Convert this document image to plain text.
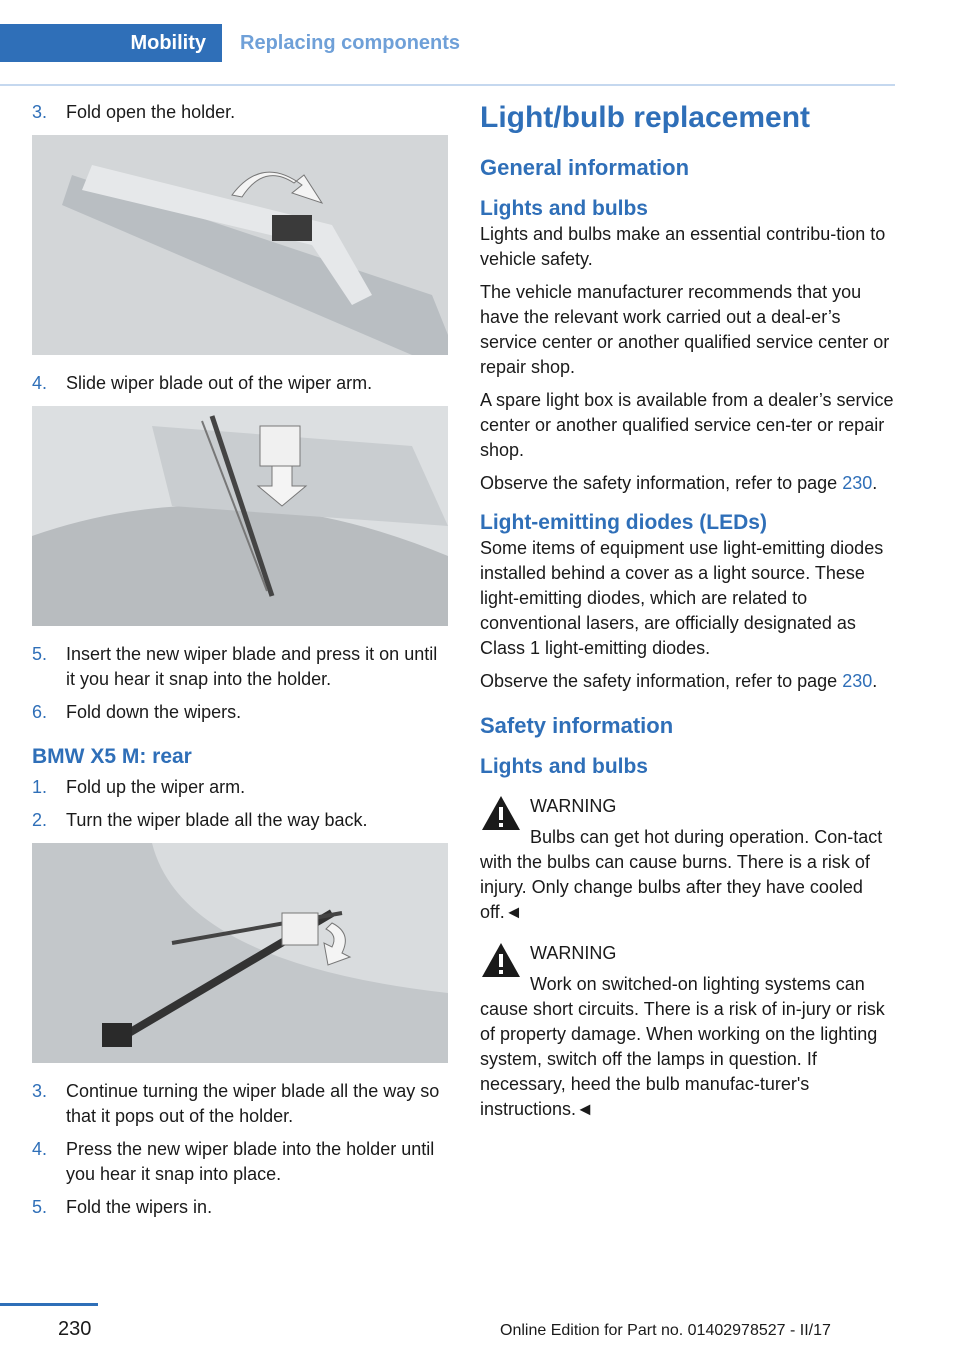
Mobility	Replacing components
3.	Fold open the holder.
4.	Slide wiper blade out of the wiper arm.
5.	Insert the new wiper blade and press it on until it you hear it snap into the holder.
6.	Fold down the wipers.
BMW X5 M: rear
1.	Fold up the wiper arm.
2.	Turn the wiper blade all the way back.
3.	Continue turning the wiper blade all the way so that it pops out of the holder.
4.	Press the new wiper blade into the holder until you hear it snap into place.
5.	Fold the wipers in.
Light/bulb replacement
General information
Lights and bulbs

Lights and bulbs make an essential contribu-tion to vehicle safety.

The vehicle manufacturer recommends that you have the relevant work carried out a deal-er’s service center or another qualified service center or repair shop.

A spare light box is available from a dealer’s service center or another qualified service cen-ter or repair shop.

Observe the safety information, refer to page 230.

Light-emitting diodes (LEDs)

Some items of equipment use light-emitting diodes installed behind a cover as a light source. These light-emitting diodes, which are related to conventional lasers, are officially designated as Class 1 light-emitting diodes.

Observe the safety information, refer to page 230.

Safety information
Lights and bulbs
WARNING
Bulbs can get hot during operation. Con-tact with the bulbs can cause burns. There is a risk of injury. Only change bulbs after they have cooled off.◄
WARNING
Work on switched-on lighting systems can cause short circuits. There is a risk of in-jury or risk of property damage. When working on the lighting system, switch off the lamps in question. If necessary, heed the bulb manufac-turer's instructions.◄
230	Online Edition for Part no. 01402978527 - II/17
